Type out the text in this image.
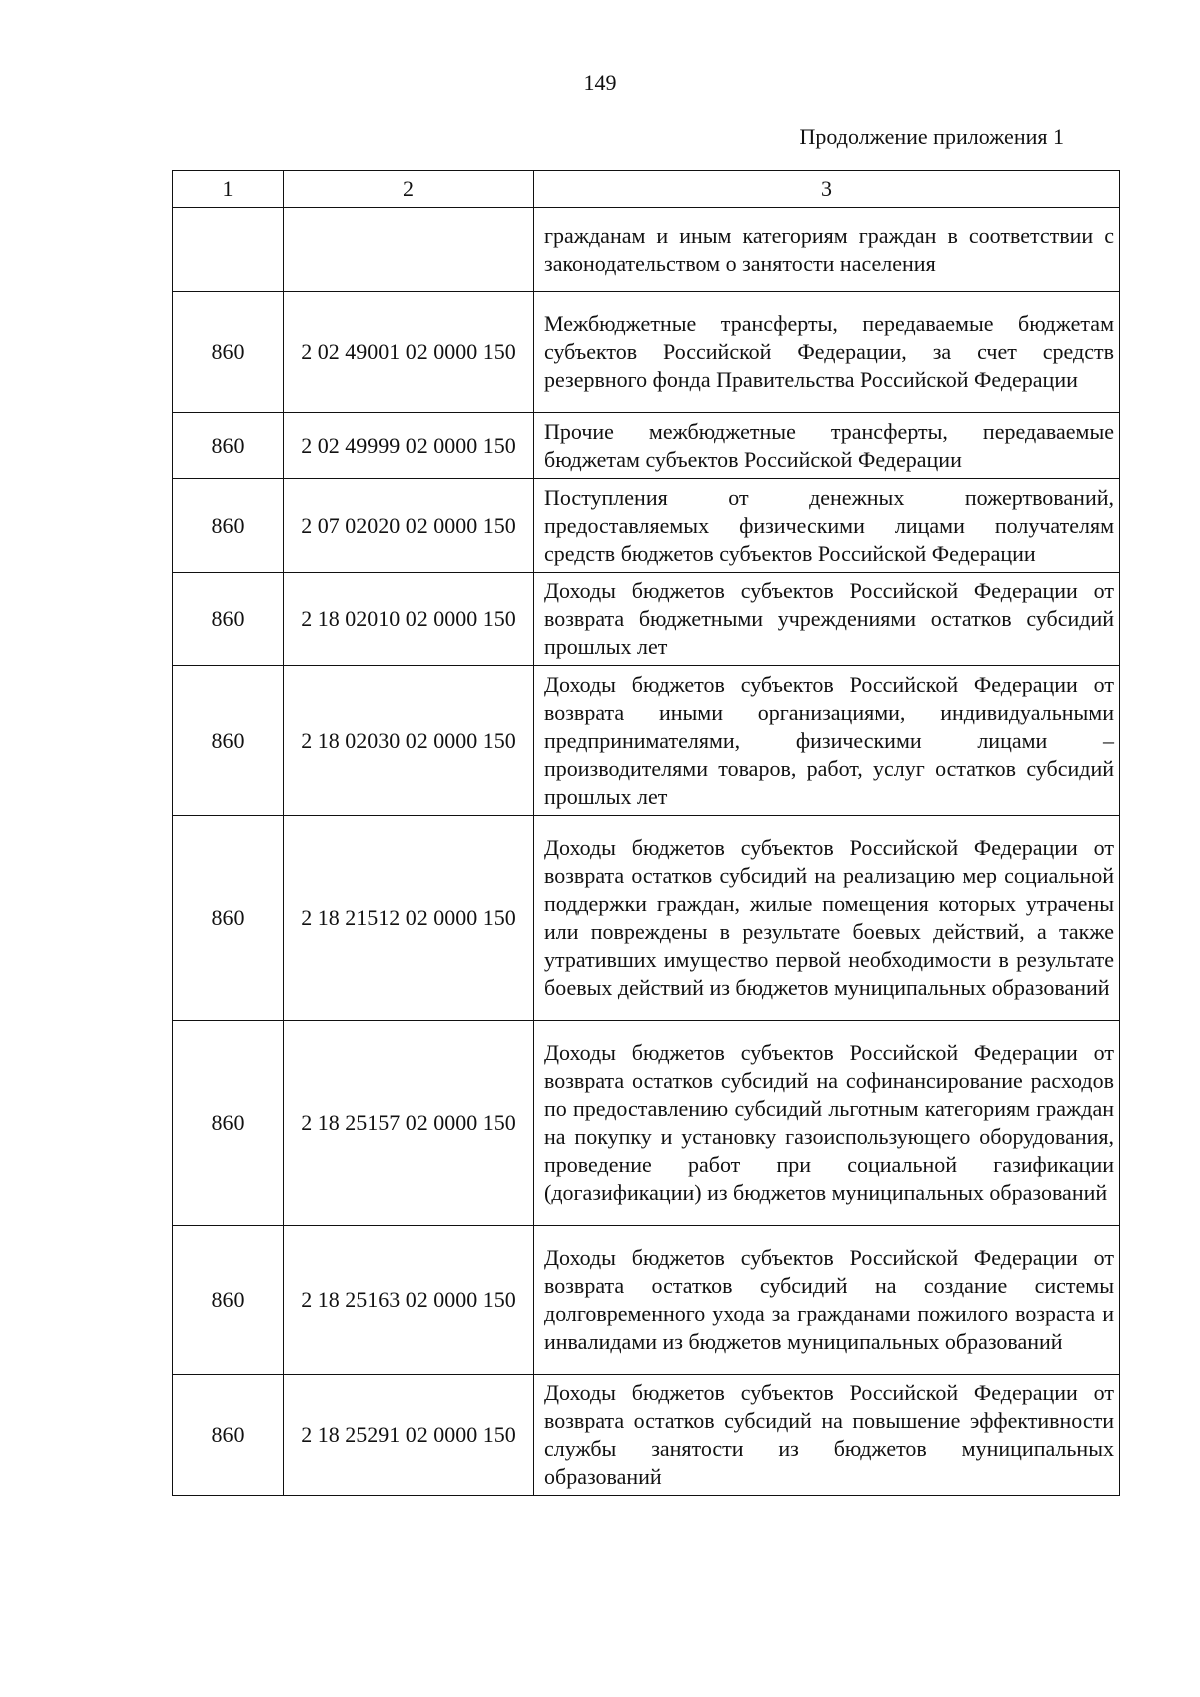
149
Продолжение приложения 1
1	2	3
		гражданам и иным категориям граждан в соответствии с законодательством о занятости населения
860	2 02 49001 02 0000 150	Межбюджетные трансферты, передаваемые бюджетам субъектов Российской Федерации, за счет средств резервного фонда Правительства Российской Федерации
860	2 02 49999 02 0000 150	Прочие межбюджетные трансферты, передаваемые бюджетам субъектов Российской Федерации
860	2 07 02020 02 0000 150	Поступления от денежных пожертвований, предоставляемых физическими лицами получателям средств бюджетов субъектов Российской Федерации
860	2 18 02010 02 0000 150	Доходы бюджетов субъектов Российской Федерации от возврата бюджетными учреждениями остатков субсидий прошлых лет
860	2 18 02030 02 0000 150	Доходы бюджетов субъектов Российской Федерации от возврата иными организациями, индивидуальными предпринимателями, физическими лицами – производителями товаров, работ, услуг остатков субсидий прошлых лет
860	2 18 21512 02 0000 150	Доходы бюджетов субъектов Российской Федерации от возврата остатков субсидий на реализацию мер социальной поддержки граждан, жилые помещения которых утрачены или повреждены в результате боевых действий, а также утративших имущество первой необходимости в результате боевых действий из бюджетов муниципальных образований
860	2 18 25157 02 0000 150	Доходы бюджетов субъектов Российской Федерации от возврата остатков субсидий на софинансирование расходов по предоставлению субсидий льготным категориям граждан на покупку и установку газоиспользующего оборудования, проведение работ при социальной газификации (догазификации) из бюджетов муниципальных образований
860	2 18 25163 02 0000 150	Доходы бюджетов субъектов Российской Федерации от возврата остатков субсидий на создание системы долговременного ухода за гражданами пожилого возраста и инвалидами из бюджетов муниципальных образований
860	2 18 25291 02 0000 150	Доходы бюджетов субъектов Российской Федерации от возврата остатков субсидий на повышение эффективности службы занятости из бюджетов муниципальных образований
